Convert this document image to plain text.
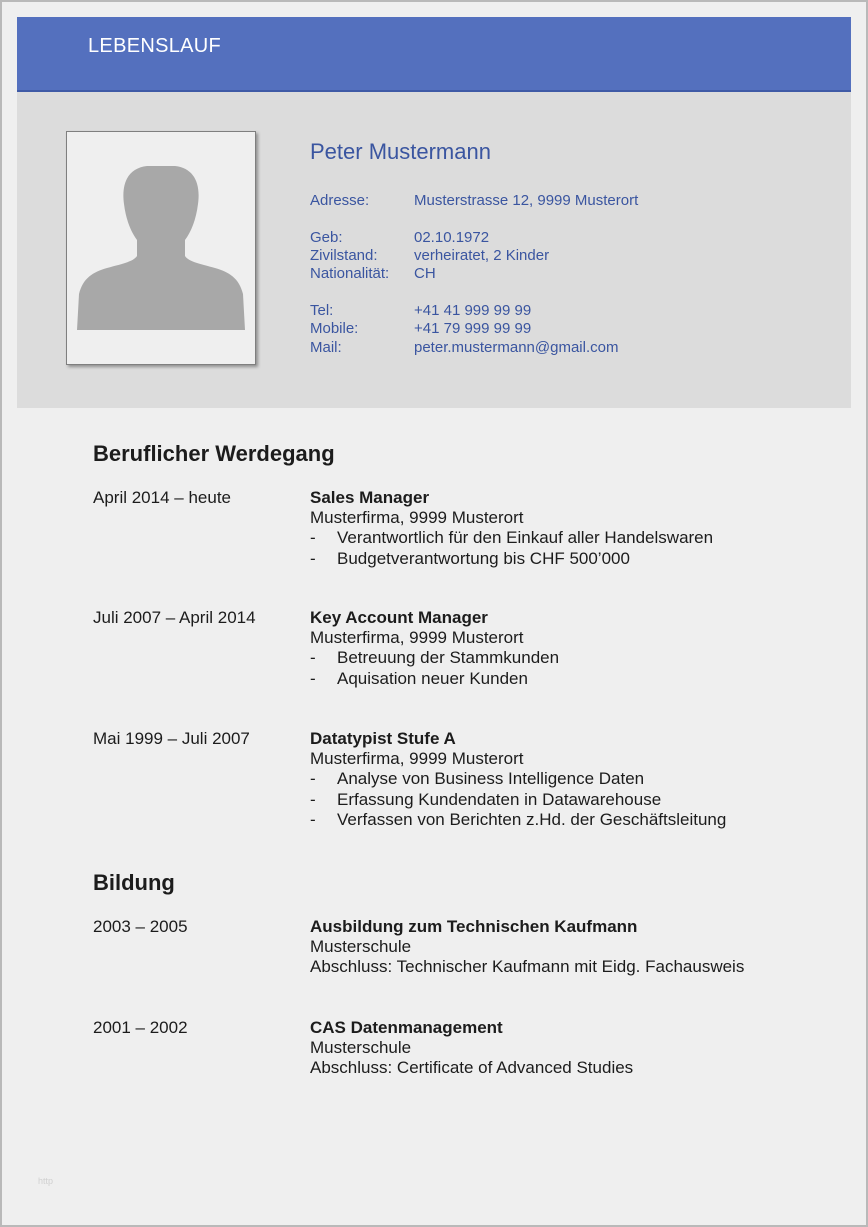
LEBENSLAUF
Peter Mustermann
Adresse:	Musterstrasse 12, 9999 Musterort
Geb:	02.10.1972
Zivilstand: verheiratet, 2 Kinder
Nationalität: CH
Tel:	+41 41 999 99 99
Mobile:	+41 79 999 99 99
Mail:	peter.mustermann@gmail.com
Beruflicher Werdegang
April 2014 – heute	Sales Manager
Musterfirma, 9999 Musterort
- Verantwortlich für den Einkauf aller Handelswaren
- Budgetverantwortung bis CHF 500’000
Juli 2007 – April 2014	Key Account Manager
Musterfirma, 9999 Musterort
- Betreuung der Stammkunden
- Aquisation neuer Kunden
Mai 1999 – Juli 2007	Datatypist Stufe A
Musterfirma, 9999 Musterort
- Analyse von Business Intelligence Daten
- Erfassung Kundendaten in Datawarehouse
- Verfassen von Berichten z.Hd. der Geschäftsleitung
Bildung
2003 – 2005	Ausbildung zum Technischen Kaufmann
Musterschule
Abschluss: Technischer Kaufmann mit Eidg. Fachausweis
2001 – 2002	CAS Datenmanagement
Musterschule
Abschluss: Certificate of Advanced Studies
http
